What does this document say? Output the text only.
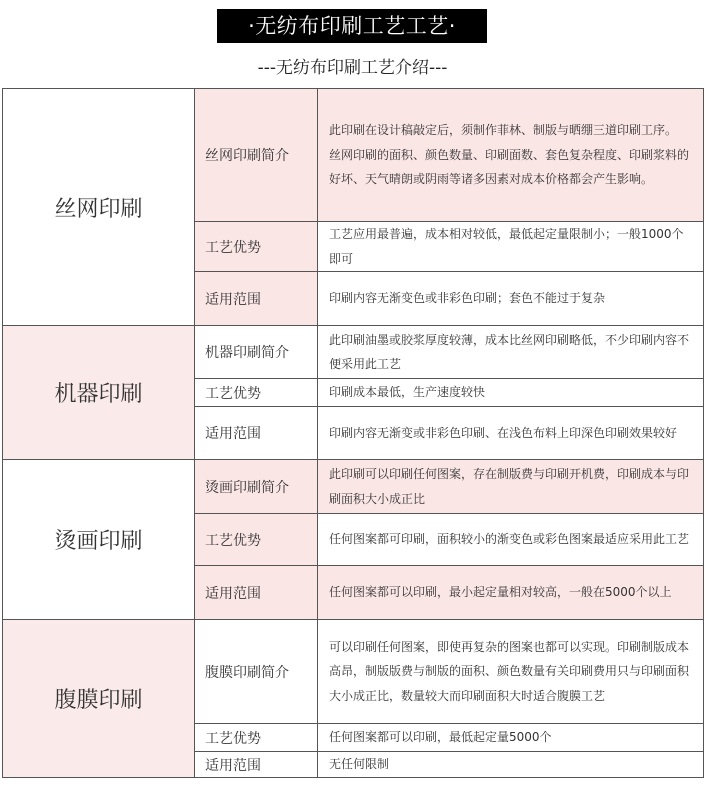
·无纺布印刷工艺工艺·
---无纺布印刷工艺介绍---
丝网印刷	丝网印刷简介	此印刷在设计稿敲定后，须制作菲林、制版与晒绷三道印刷工序。

丝网印刷的面积、颜色数量、印刷面数、套色复杂程度、印刷浆料的好坏、天气晴朗或阴雨等诸多因素对成本价格都会产生影响。

	工艺优势	工艺应用最普遍，成本相对较低，最低起定量限制小；一般1000个即可
	适用范围	印刷内容无渐变色或非彩色印刷；套色不能过于复杂
机器印刷	机器印刷简介	此印刷油墨或胶浆厚度较薄，成本比丝网印刷略低，不少印刷内容不便采用此工艺
	工艺优势	印刷成本最低，生产速度较快
	适用范围	印刷内容无渐变或非彩色印刷、在浅色布料上印深色印刷效果较好
烫画印刷	烫画印刷简介	此印刷可以印刷任何图案，存在制版费与印刷开机费，印刷成本与印刷面积大小成正比
	工艺优势	任何图案都可印刷，面积较小的渐变色或彩色图案最适应采用此工艺
	适用范围	任何图案都可以印刷，最小起定量相对较高，一般在5000个以上
腹膜印刷	腹膜印刷简介	可以印刷任何图案，即使再复杂的图案也都可以实现。印刷制版成本高昂，制版版费与制版的面积、颜色数量有关印刷费用只与印刷面积大小成正比，数量较大而印刷面积大时适合腹膜工艺
	工艺优势	任何图案都可以印刷，最低起定量5000个
	适用范围	无任何限制
